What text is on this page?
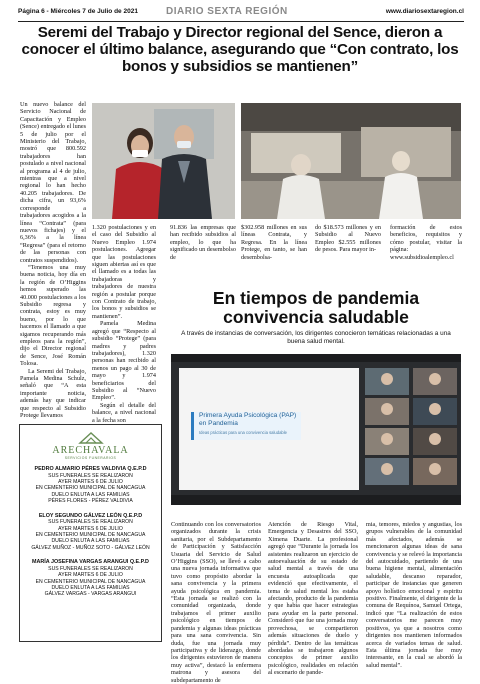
Página 6 - Miércoles 7 de Julio de 2021	DIARIO SEXTA REGIÓN	www.diariosextaregion.cl
Seremi del Trabajo y Director regional del Sence, dieron a conocer el último balance, asegurando que “Con contrato, los bonos y subsidios se mantienen”

Un nuevo balance del Servicio Nacional de Capacitación y Empleo (Sence) entregado el lunes 5 de julio por el Ministerio del Trabajo, mostró que 800.592 trabajadores han postulado a nivel nacional al programa al 4 de julio, mientras que a nivel regional lo han hecho 40.205 trabajadores. De dicha cifra, un 93,6% corresponde a trabajadores acogidos a la línea “Contrata” (para nuevos fichajes) y el 6,36% a la línea “Regresa” (para el retorno de las personas con contratos suspendidos).

“Tenemos una muy buena noticia, hoy día en la región de O’Higgins hemos superado las 40.000 postulaciones a los Subsidio regresa y contrata, estoy es muy bueno, por lo que hacemos el llamado a que sigamos recuperando más empleos para la región”, dijo el Director regional de Sence, José Román Tolosa.

La Seremi del Trabajo, Pamela Medina Schulz, señaló que “A esta importante noticia, además hay que indicar que respecto al Subsidio Protege llevamos

1.320 postulaciones y en el caso del Subsidio al Nuevo Empleo 1.974 postulaciones. Agregar que las postulaciones siguen abiertas así es que el llamado es a todas las trabajadoras y trabajadores de nuestra región a postular porque con Contrato de trabajo, los bonos y subsidios se mantienen”.

Pamela Medina agregó que “Respecto al subsidio “Protege” (para madres y padres trabajadores), 1.320 personas han recibido al menos un pago al 30 de mayo y 1.974 beneficiarios del Subsidio al “Nuevo Empleo”.

Según el detalle del balance, a nivel nacional a la fecha son

91.836 las empresas que han recibido subsidios al empleo, lo que ha significado un desembolso de
$302.958 millones en sus líneas Contrata, y Regresa. En la línea Protege, en tanto, se han desembolsa-
do $18.573 millones y en Subsidio al Nuevo Empleo $2.555 millones de pesos. Para mayor in-
formación de estos beneficios, requisitos y cómo postular, visitar la página: www.subsidioalempleo.cl
En tiempos de pandemia convivencia saludable
A través de instancias de conversación, los dirigentes conocieron temáticas relacionadas a una buena salud mental.
Primera Ayuda Psicológica (PAP) en Pandemia
Ideas prácticas para una convivencia saludable
Continuando con los conversatorios organizados durante la crisis sanitaria, por el Subdepartamento de Participación y Satisfacción Usuaria del Servicio de Salud O’Higgins (SSO), se llevó a cabo una nueva jornada informativa que tuvo como propósito abordar la sana convivencia y la primera ayuda psicológica en pandemia. “Esta jornada se realizó con la comunidad organizada, donde trabajamos el primer auxilio psicológico en tiempos de pandemia y algunas ideas prácticas para una sana convivencia. Sin duda, fue una jornada muy participativa y de liderazgo, donde los dirigentes estuvieron de manera muy activa”, destacó la enfermera matrona y asesora del subdepartamento de
Atención de Riesgo Vital, Emergencia y Desastres del SSO, Ximena Duarte. La profesional agregó que “Durante la jornada los asistentes realizaron un ejercicio de autoevaluación de su estado de salud mental a través de una encuesta autoaplicada que evidenció que efectivamente, el tema de salud mental los estaba afectando, producto de la pandemia y que había que hacer estrategias para ayudar en la parte personal. Consideró que fue una jornada muy provechosa, se compartieron además situaciones de duelo y pérdida”. Dentro de las temáticas abordadas se trabajaron algunos conceptos de primer auxilio psicológico, realidades en relación al escenario de pande-
mia, temores, miedos y angustias, los grupos vulnerables de la comunidad más afectados, además se mencionaron algunas ideas de sana convivencia y se relevó la importancia del autocuidado, partiendo de una buena higiene mental, alimentación saludable, descanso reparador, participar de instancias que generen apoyo holístico emocional y espiritu positivo. Finalmente, el dirigente de la comuna de Requínoa, Samuel Ortega, indicó que “La realización de estos conversatorios me parecen muy positivos, ya que a nosotros como dirigentes nos mantienen informados acerca de variados temas de salud. Esta última jornada fue muy interesante, en la cual se abordó la salud mental”.
ARECHAVALA
SERVICIOS FUNERARIOS
PEDRO ALMARIO PÉRES VALDIVIA Q.E.P.D
SUS FUNERALES SE REALIZARON
AYER MARTES 6 DE JULIO
EN CEMENTERIO MUNICIPAL DE NANCAGUA
DUELO ENLUTA A LAS FAMILIAS
PÉRES FLORES - PÉREZ VALDIVIA
ELOY SEGUNDO GÁLVEZ LEÓN Q.E.P.D
SUS FUNERALES SE REALIZARON
AYER MARTES 6 DE JULIO
EN CEMENTERIO MUNICIPAL DE NANCAGUA
DUELO ENLUTA A LAS FAMILIAS
GÁLVEZ MUÑOZ - MUÑOZ SOTO - GÁLVEZ LEÓN
MARÍA JOSEFINA VARGAS ARANGUI Q.E.P.D
SUS FUNERALES SE REALIZARON
AYER MARTES 6 DE JULIO
EN CEMENTERIO MUNICIPAL DE NANCAGUA
DUELO ENLUTA A LAS FAMILIAS
GÁLVEZ VARGAS - VARGAS ARANGUI
